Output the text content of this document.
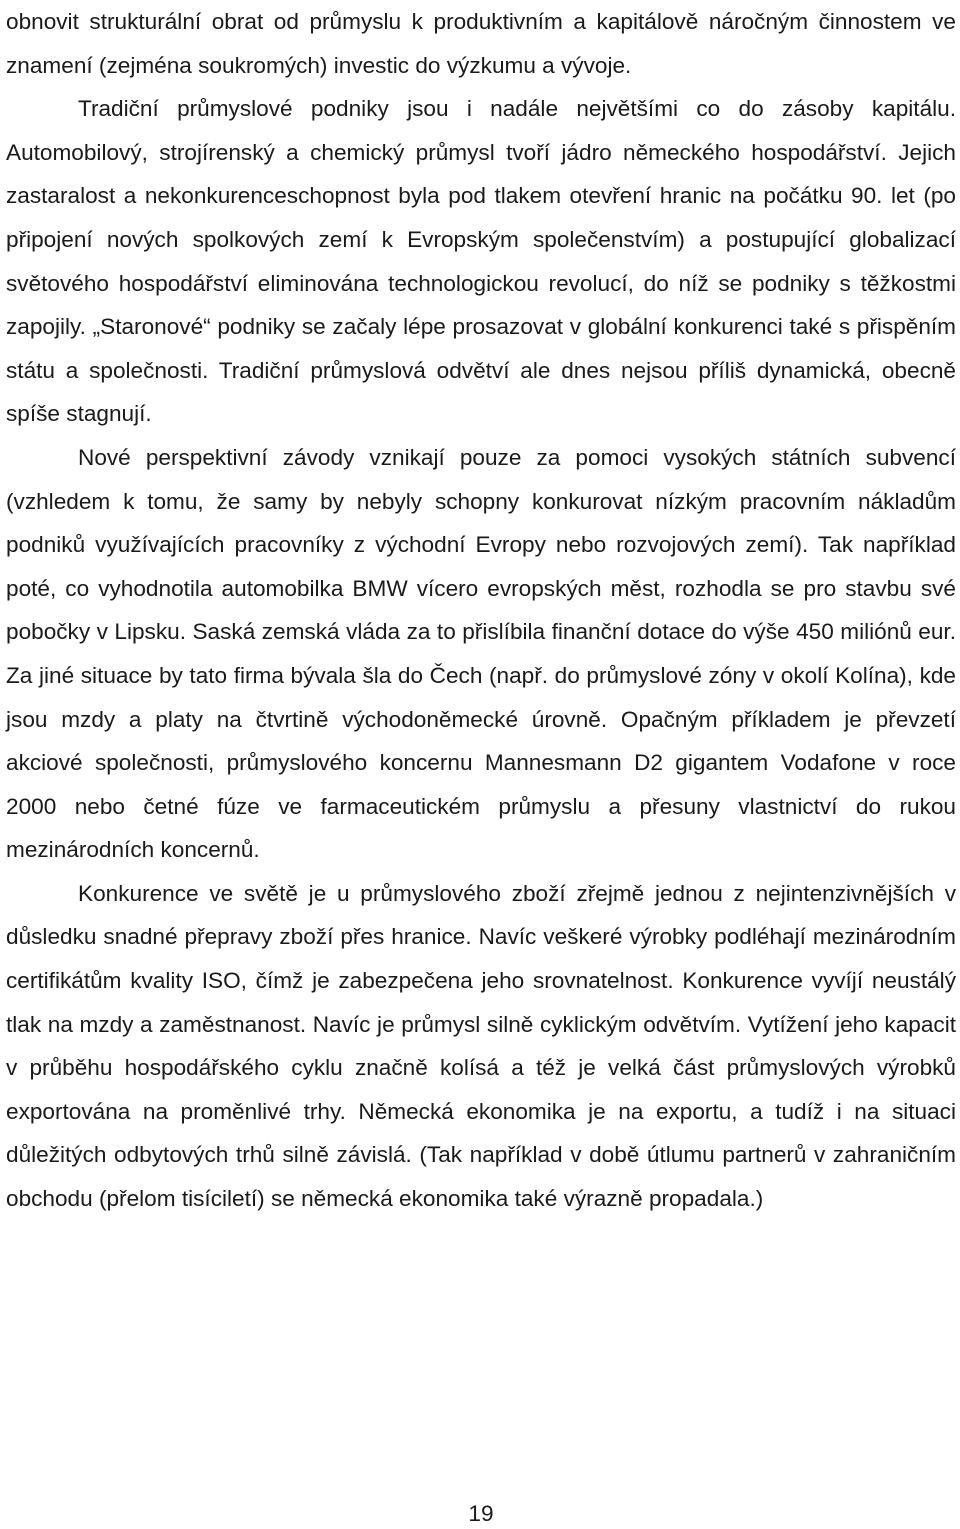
obnovit strukturální obrat od průmyslu k produktivním a kapitálově náročným činnostem ve znamení (zejména soukromých) investic do výzkumu a vývoje.

Tradiční průmyslové podniky jsou i nadále největšími co do zásoby kapitálu. Automobilový, strojírenský a chemický průmysl tvoří jádro německého hospodářství. Jejich zastaralost a nekonkurenceschopnost byla pod tlakem otevření hranic na počátku 90. let (po připojení nových spolkových zemí k Evropským společenstvím) a postupující globalizací světového hospodářství eliminována technologickou revolucí, do níž se podniky s těžkostmi zapojily. „Staronové“ podniky se začaly lépe prosazovat v globální konkurenci také s přispěním státu a společnosti. Tradiční průmyslová odvětví ale dnes nejsou příliš dynamická, obecně spíše stagnují.

Nové perspektivní závody vznikají pouze za pomoci vysokých státních subvencí (vzhledem k tomu, že samy by nebyly schopny konkurovat nízkým pracovním nákladům podniků využívajících pracovníky z východní Evropy nebo rozvojových zemí). Tak například poté, co vyhodnotila automobilka BMW vícero evropských měst, rozhodla se pro stavbu své pobočky v Lipsku. Saská zemská vláda za to přislíbila finanční dotace do výše 450 miliónů eur. Za jiné situace by tato firma bývala šla do Čech (např. do průmyslové zóny v okolí Kolína), kde jsou mzdy a platy na čtvrtině východoněmecké úrovně. Opačným příkladem je převzetí akciové společnosti, průmyslového koncernu Mannesmann D2 gigantem Vodafone v roce 2000 nebo četné fúze ve farmaceutickém průmyslu a přesuny vlastnictví do rukou mezinárodních koncernů.

Konkurence ve světě je u průmyslového zboží zřejmě jednou z nejintenzivnějších v důsledku snadné přepravy zboží přes hranice. Navíc veškeré výrobky podléhají mezinárodním certifikátům kvality ISO, čímž je zabezpečena jeho srovnatelnost. Konkurence vyvíjí neustálý tlak na mzdy a zaměstnanost. Navíc je průmysl silně cyklickým odvětvím. Vytížení jeho kapacit v průběhu hospodářského cyklu značně kolísá a též je velká část průmyslových výrobků exportována na proměnlivé trhy. Německá ekonomika je na exportu, a tudíž i na situaci důležitých odbytových trhů silně závislá. (Tak například v době útlumu partnerů v zahraničním obchodu (přelom tisíciletí) se německá ekonomika také výrazně propadala.)

19
